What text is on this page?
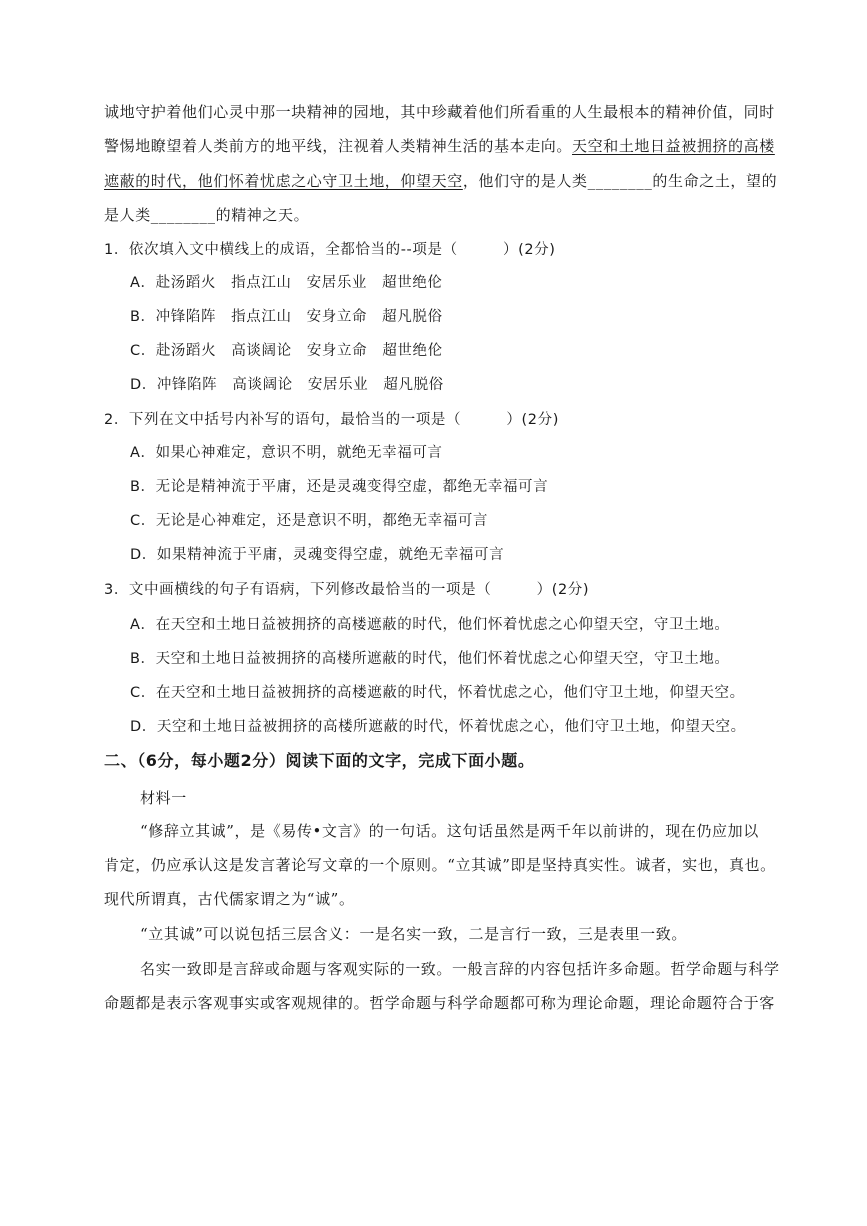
诚地守护着他们心灵中那一块精神的园地，其中珍藏着他们所看重的人生最根本的精神价值，同时
警惕地瞭望着人类前方的地平线，注视着人类精神生活的基本走向。天空和土地日益被拥挤的高楼
遮蔽的时代，他们怀着忧虑之心守卫土地，仰望天空，他们守的是人类________的生命之土，望的
是人类________的精神之天。
1．依次填入文中横线上的成语，全都恰当的--项是（　　　）(2分)
A．赴汤蹈火　指点江山　安居乐业　超世绝伦
B．冲锋陷阵　指点江山　安身立命　超凡脱俗
C．赴汤蹈火　高谈阔论　安身立命　超世绝伦
D．冲锋陷阵　高谈阔论　安居乐业　超凡脱俗
2．下列在文中括号内补写的语句，最恰当的一项是（　　　）(2分)
A．如果心神难定，意识不明，就绝无幸福可言
B．无论是精神流于平庸，还是灵魂变得空虚，都绝无幸福可言
C．无论是心神难定，还是意识不明，都绝无幸福可言
D．如果精神流于平庸，灵魂变得空虚，就绝无幸福可言
3．文中画横线的句子有语病，下列修改最恰当的一项是（　　　）(2分)
A．在天空和土地日益被拥挤的高楼遮蔽的时代，他们怀着忧虑之心仰望天空，守卫土地。
B．天空和土地日益被拥挤的高楼所遮蔽的时代，他们怀着忧虑之心仰望天空，守卫土地。
C．在天空和土地日益被拥挤的高楼遮蔽的时代，怀着忧虑之心，他们守卫土地，仰望天空。
D．天空和土地日益被拥挤的高楼所遮蔽的时代，怀着忧虑之心，他们守卫土地，仰望天空。
二、（6分，每小题2分）阅读下面的文字，完成下面小题。
材料一
“修辞立其诚”，是《易传•文言》的一句话。这句话虽然是两千年以前讲的，现在仍应加以
肯定，仍应承认这是发言著论写文章的一个原则。“立其诚”即是坚持真实性。诚者，实也，真也。
现代所谓真，古代儒家谓之为“诚”。
“立其诚”可以说包括三层含义：一是名实一致，二是言行一致，三是表里一致。
名实一致即是言辞或命题与客观实际的一致。一般言辞的内容包括许多命题。哲学命题与科学
命题都是表示客观事实或客观规律的。哲学命题与科学命题都可称为理论命题，理论命题符合于客
